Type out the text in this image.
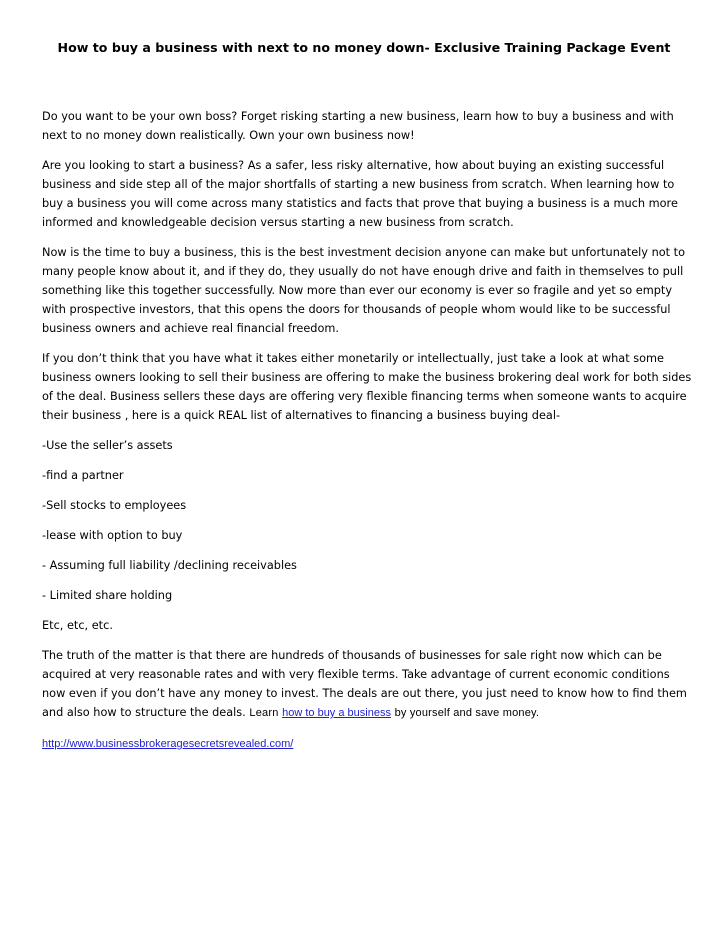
How to buy a business with next to no money down- Exclusive Training Package Event

Do you want to be your own boss? Forget risking starting a new business, learn how to buy a business and with next to no money down realistically. Own your own business now!

Are you looking to start a business? As a safer, less risky alternative, how about buying an existing successful business and side step all of the major shortfalls of starting a new business from scratch. When learning how to buy a business you will come across many statistics and facts that prove that buying a business is a much more informed and knowledgeable decision versus starting a new business from scratch.

Now is the time to buy a business, this is the best investment decision anyone can make but unfortunately not to many people know about it, and if they do, they usually do not have enough drive and faith in themselves to pull something like this together successfully. Now more than ever our economy is ever so fragile and yet so empty with prospective investors, that this opens the doors for thousands of people whom would like to be successful business owners and achieve real financial freedom.

If you don’t think that you have what it takes either monetarily or intellectually, just take a look at what some business owners looking to sell their business are offering to make the business brokering deal work for both sides of the deal. Business sellers these days are offering very flexible financing terms when someone wants to acquire their business , here is a quick REAL list of alternatives to financing a business buying deal-

-Use the seller’s assets

-find a partner

-Sell stocks to employees

-lease with option to buy

- Assuming full liability /declining receivables

- Limited share holding

Etc, etc, etc.

The truth of the matter is that there are hundreds of thousands of businesses for sale right now which can be acquired at very reasonable rates and with very flexible terms. Take advantage of current economic conditions now even if you don’t have any money to invest. The deals are out there, you just need to know how to find them and also how to structure the deals. Learn how to buy a business by yourself and save money.

http://www.businessbrokeragesecretsrevealed.com/
